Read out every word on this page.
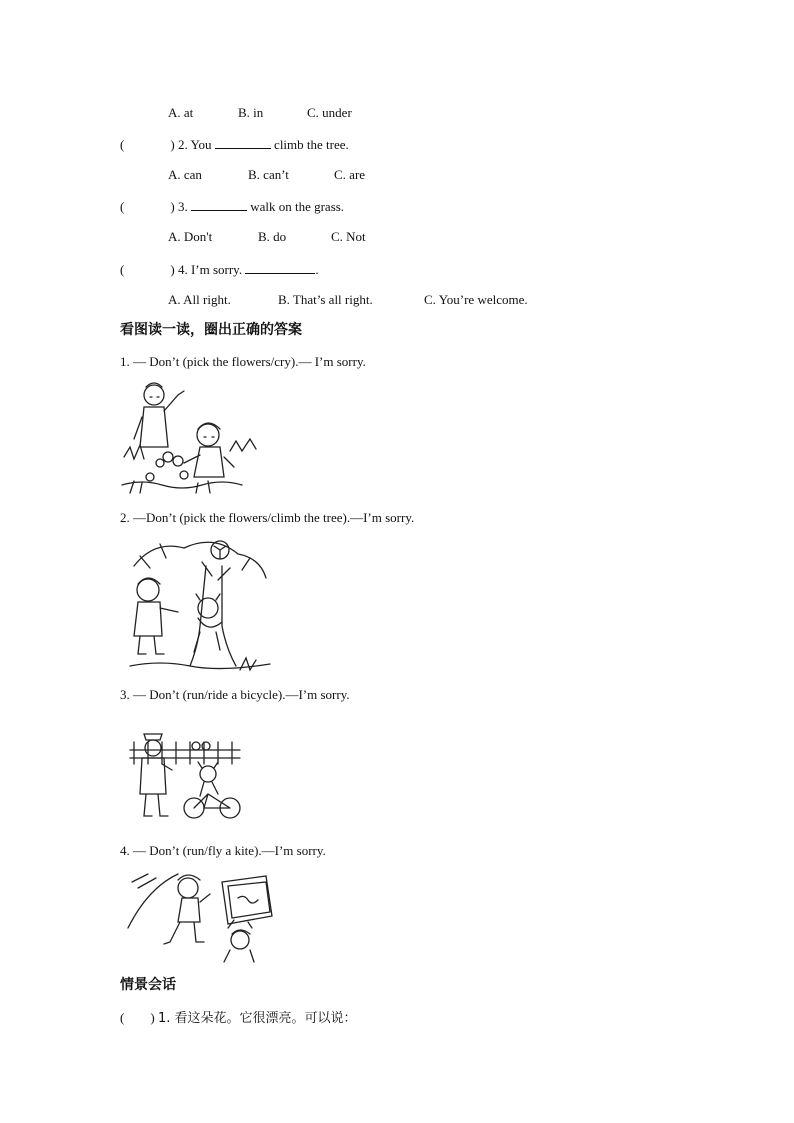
A. at	B. in	C. under
(	) 2. You	climb the tree.
A. can	B. can’t	C. are
(	) 3.	walk on the grass.
A. Don't	B. do	C. Not
(	) 4. I’m sorry.	.
A. All right.	B. That’s all right.	C. You’re welcome.
看图读一读，圈出正确的答案
1. — Don’t (pick the flowers/cry).— I’m sorry.
2. —Don’t (pick the flowers/climb the tree).—I’m sorry.
3. — Don’t (run/ride a bicycle).—I’m sorry.
4. — Don’t (run/fly a kite).—I’m sorry.
情景会话
( ) 1. 看这朵花。它很漂亮。可以说：
